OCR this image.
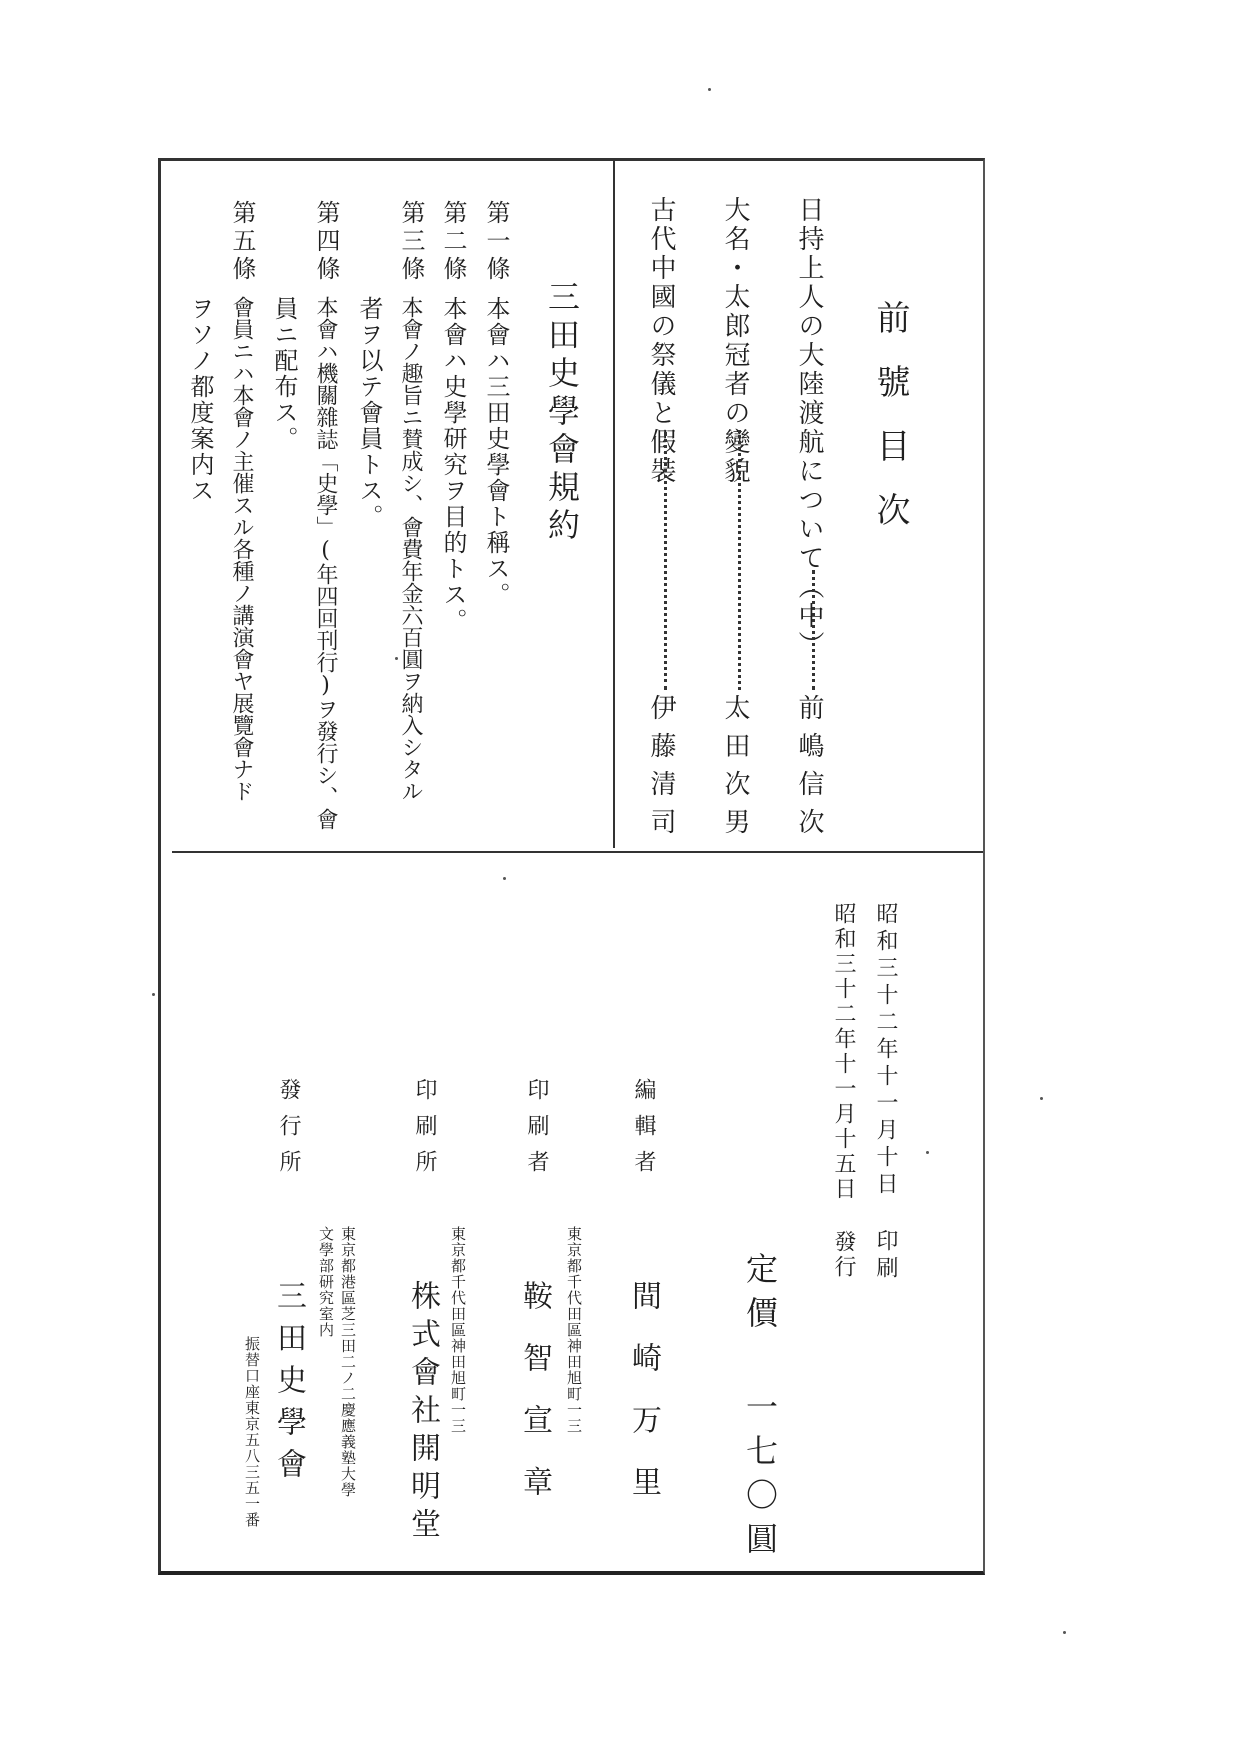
前號目次
日持上人の大陸渡航について（中）
前嶋信次
大名・太郎冠者の變貌
太田次男
古代中國の祭儀と假裝
伊藤清司
三田史學會規約
第一條
本會ハ三田史學會ト稱ス。
第二條
本會ハ史學研究ヲ目的トス。
第三條
本會ノ趣旨ニ賛成シ、會費年金六百圓ヲ納入シタル
者ヲ以テ會員トス。
第四條
本會ハ機關雜誌「史學」(年四回刊行)ヲ發行シ、會
員ニ配布ス。
第五條
會員ニハ本會ノ主催スル各種ノ講演會ヤ展覽會ナド
ヲソノ都度案内ス
昭和三十二年十一月十日 印刷
昭和三十二年十一月十五日 發行
定價 一七〇圓
編輯者
間崎万里
印刷者
東京都千代田區神田旭町一三
鞍智宣章
印刷所
東京都千代田區神田旭町一三
株式會社開明堂
發行所
東京都港區芝三田二ノ二慶應義塾大學
文學部研究室内
三田史學會
振替口座東京五八三五一番
